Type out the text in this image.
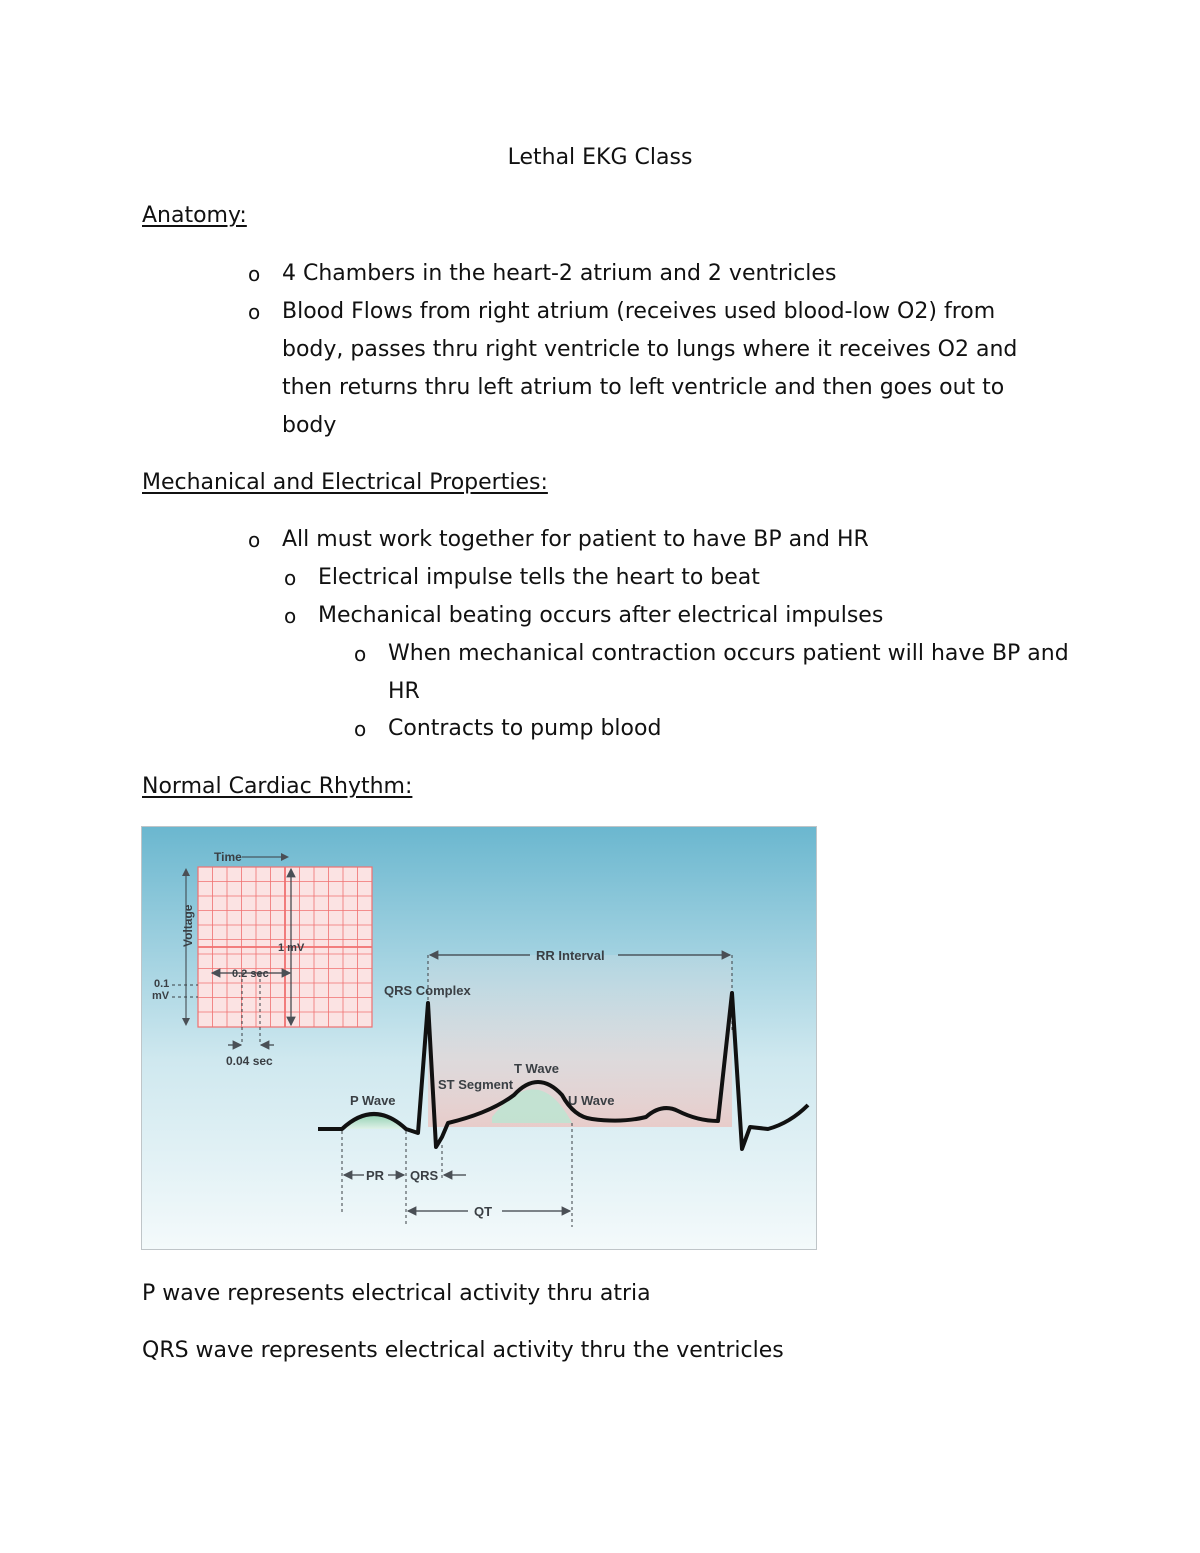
Lethal EKG Class
Anatomy:
o 4 Chambers in the heart-2 atrium and 2 ventricles
o Blood Flows from right atrium (receives used blood-low O2) from body, passes thru right ventricle to lungs where it receives O2 and then returns thru left atrium to left ventricle and then goes out to body
Mechanical and Electrical Properties:
o All must work together for patient to have BP and HR
o Electrical impulse tells the heart to beat
o Mechanical beating occurs after electrical impulses
o When mechanical contraction occurs patient will have BP and HR
o Contracts to pump blood
Normal Cardiac Rhythm:
Time
Voltage
1 mV
0.2 sec
0.1
mV
0.04 sec
RR Interval
QRS Complex
T Wave
ST Segment
P Wave	U Wave
PR QRS
QT
P wave represents electrical activity thru atria
QRS wave represents electrical activity thru the ventricles
